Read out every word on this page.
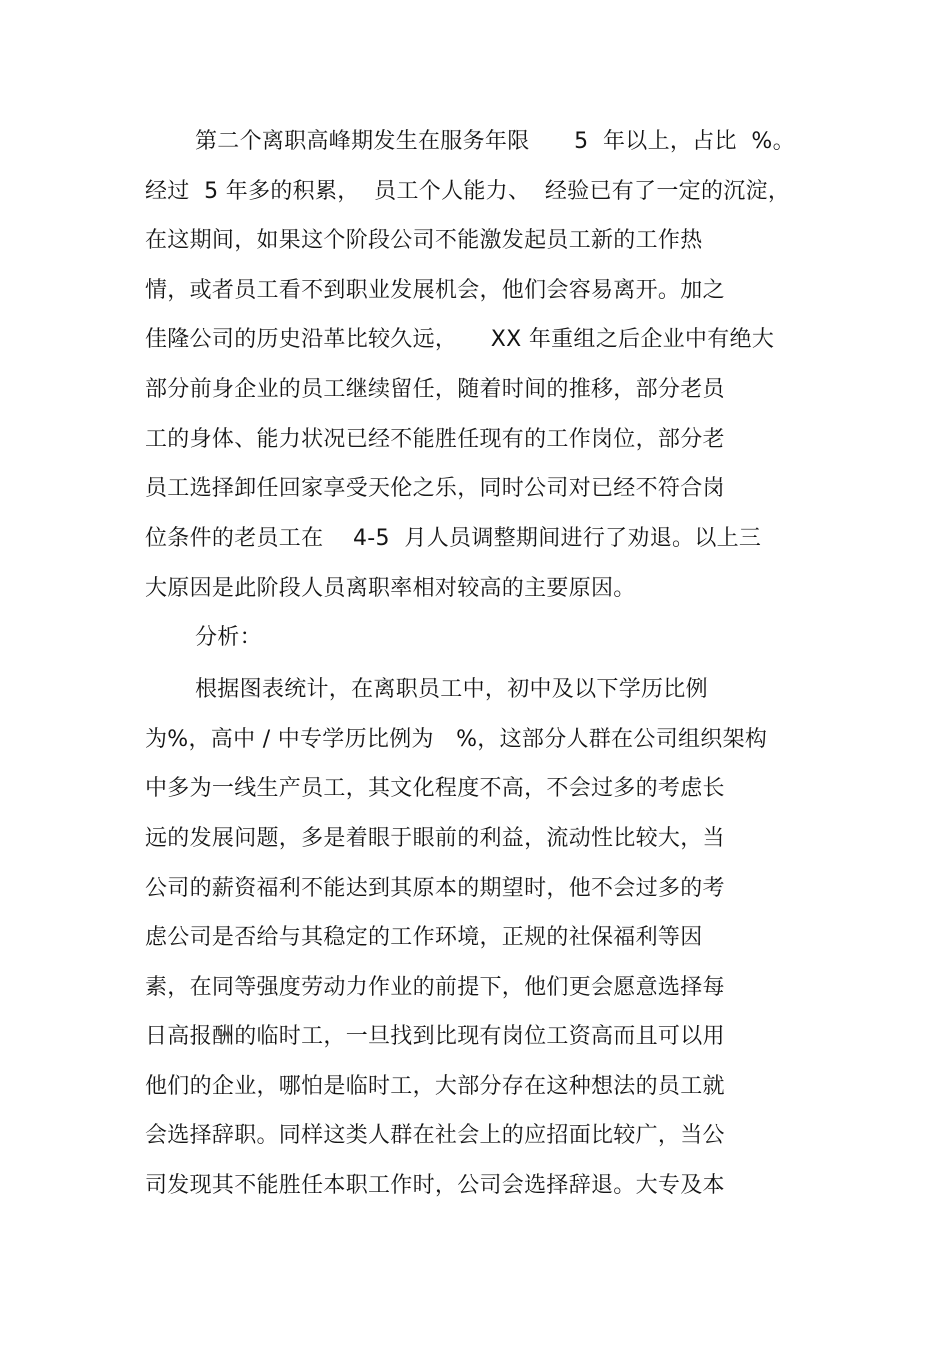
第二个离职高峰期发生在服务年限　　5  年以上，占比  %。
经过  5 年多的积累，  员工个人能力、  经验已有了一定的沉淀，
在这期间，如果这个阶段公司不能激发起员工新的工作热
情，或者员工看不到职业发展机会，他们会容易离开。加之
佳隆公司的历史沿革比较久远，　　XX 年重组之后企业中有绝大
部分前身企业的员工继续留任，随着时间的推移，部分老员
工的身体、能力状况已经不能胜任现有的工作岗位，部分老
员工选择卸任回家享受天伦之乐，同时公司对已经不符合岗
位条件的老员工在　 4-5  月人员调整期间进行了劝退。以上三
大原因是此阶段人员离职率相对较高的主要原因。
分析：
根据图表统计，在离职员工中，初中及以下学历比例
为%，高中 / 中专学历比例为　%，这部分人群在公司组织架构
中多为一线生产员工，其文化程度不高，不会过多的考虑长
远的发展问题，多是着眼于眼前的利益，流动性比较大，当
公司的薪资福利不能达到其原本的期望时，他不会过多的考
虑公司是否给与其稳定的工作环境，正规的社保福利等因
素，在同等强度劳动力作业的前提下，他们更会愿意选择每
日高报酬的临时工，一旦找到比现有岗位工资高而且可以用
他们的企业，哪怕是临时工，大部分存在这种想法的员工就
会选择辞职。同样这类人群在社会上的应招面比较广，当公
司发现其不能胜任本职工作时，公司会选择辞退。大专及本
